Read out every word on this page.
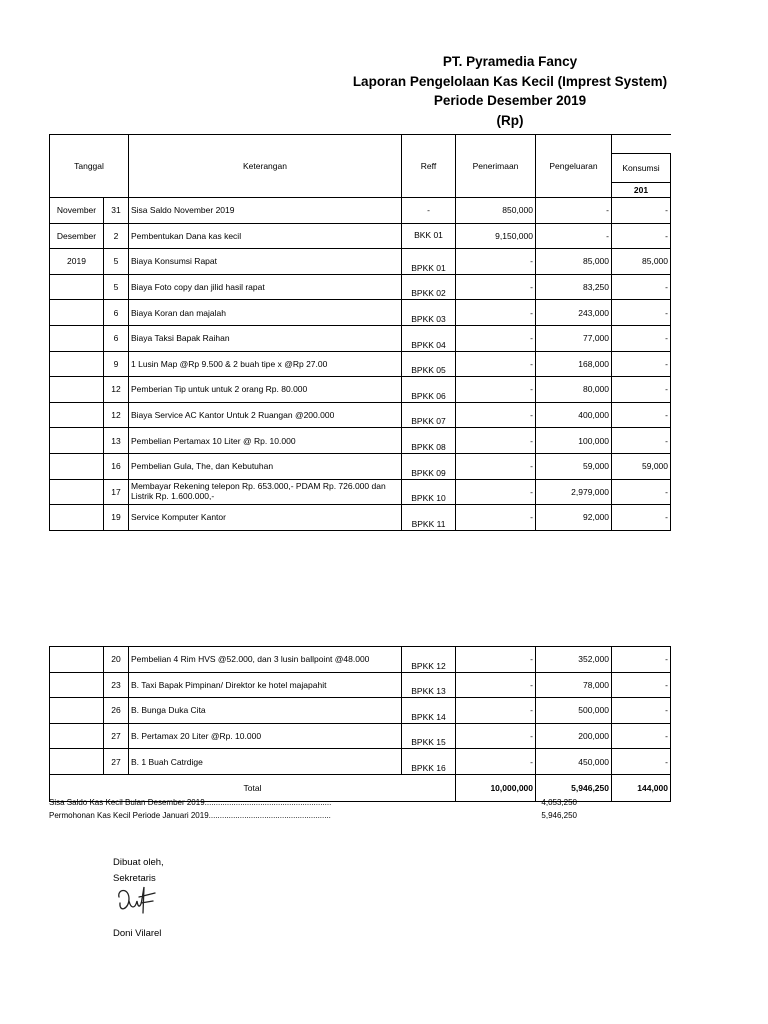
PT. Pyramedia Fancy
Laporan Pengelolaan Kas Kecil (Imprest System)
Periode Desember 2019
(Rp)
Tanggal		Keterangan	Reff	Penerimaan	Pengeluaran	
						Konsumsi
						201
November	31	Sisa Saldo November 2019	-	850,000	-	-
Desember	2	Pembentukan Dana kas kecil	BKK 01	9,150,000	-	-
2019	5	Biaya Konsumsi Rapat	BPKK 01	-	85,000	85,000
	5	Biaya Foto copy dan jilid hasil rapat	BPKK 02	-	83,250	-
	6	Biaya Koran dan majalah	BPKK 03	-	243,000	-
	6	Biaya Taksi Bapak Raihan	BPKK 04	-	77,000	-
	9	1 Lusin Map @Rp 9.500 & 2 buah tipe x @Rp 27.00	BPKK 05	-	168,000	-
	12	Pemberian Tip untuk untuk 2 orang Rp. 80.000	BPKK 06	-	80,000	-
	12	Biaya Service AC Kantor Untuk 2 Ruangan @200.000	BPKK 07	-	400,000	-
	13	Pembelian Pertamax 10 Liter @ Rp. 10.000	BPKK 08	-	100,000	-
	16	Pembelian Gula, The, dan Kebutuhan	BPKK 09	-	59,000	59,000
	17	Membayar Rekening telepon Rp. 653.000,- PDAM Rp. 726.000 dan Listrik Rp. 1.600.000,-	BPKK 10	-	2,979,000	-
	19	Service Komputer Kantor	BPKK 11	-	92,000	-
	20	Pembelian 4 Rim HVS @52.000, dan 3 lusin ballpoint @48.000	BPKK 12	-	352,000	-
	23	B. Taxi Bapak Pimpinan/ Direktor ke hotel majapahit	BPKK 13	-	78,000	-
	26	B. Bunga Duka Cita	BPKK 14	-	500,000	-
	27	B. Pertamax 20 Liter @Rp. 10.000	BPKK 15	-	200,000	-
	27	B. 1 Buah Catrdige	BPKK 16	-	450,000	-
Total				10,000,000	5,946,250	144,000
Sisa Saldo Kas Kecil Bulan Desember 2019.........................................................	4,053,250
Permohonan Kas Kecil Periode Januari 2019.......................................................	5,946,250
Dibuat oleh,
Sekretaris
Doni Vilarel
